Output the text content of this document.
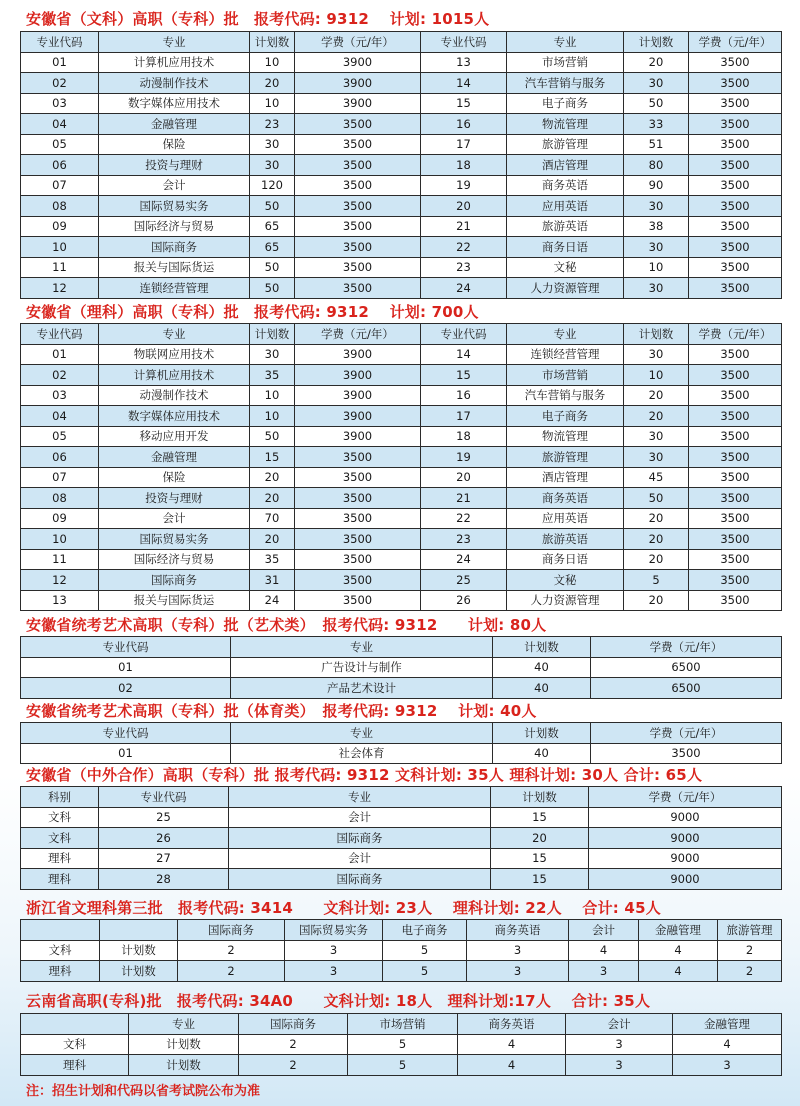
安徽省（文科）高职（专科）批　报考代码: 9312　 计划: 1015人
专业代码	专业	计划数	学费（元/年）	专业代码	专业	计划数	学费（元/年）
01	计算机应用技术	10	3900	13	市场营销	20	3500
02	动漫制作技术	20	3900	14	汽车营销与服务	30	3500
03	数字媒体应用技术	10	3900	15	电子商务	50	3500
04	金融管理	23	3500	16	物流管理	33	3500
05	保险	30	3500	17	旅游管理	51	3500
06	投资与理财	30	3500	18	酒店管理	80	3500
07	会计	120	3500	19	商务英语	90	3500
08	国际贸易实务	50	3500	20	应用英语	30	3500
09	国际经济与贸易	65	3500	21	旅游英语	38	3500
10	国际商务	65	3500	22	商务日语	30	3500
11	报关与国际货运	50	3500	23	文秘	10	3500
12	连锁经营管理	50	3500	24	人力资源管理	30	3500
安徽省（理科）高职（专科）批　报考代码: 9312　 计划: 700人
专业代码	专业	计划数	学费（元/年）	专业代码	专业	计划数	学费（元/年）
01	物联网应用技术	30	3900	14	连锁经营管理	30	3500
02	计算机应用技术	35	3900	15	市场营销	10	3500
03	动漫制作技术	10	3900	16	汽车营销与服务	20	3500
04	数字媒体应用技术	10	3900	17	电子商务	20	3500
05	移动应用开发	50	3900	18	物流管理	30	3500
06	金融管理	15	3500	19	旅游管理	30	3500
07	保险	20	3500	20	酒店管理	45	3500
08	投资与理财	20	3500	21	商务英语	50	3500
09	会计	70	3500	22	应用英语	20	3500
10	国际贸易实务	20	3500	23	旅游英语	20	3500
11	国际经济与贸易	35	3500	24	商务日语	20	3500
12	国际商务	31	3500	25	文秘	5	3500
13	报关与国际货运	24	3500	26	人力资源管理	20	3500
安徽省统考艺术高职（专科）批（艺术类）　报考代码: 9312　　计划: 80人
专业代码	专业	计划数	学费（元/年）
01	广告设计与制作	40	6500
02	产品艺术设计	40	6500
安徽省统考艺术高职（专科）批（体育类）　报考代码: 9312　 计划: 40人
专业代码	专业	计划数	学费（元/年）
01	社会体育	40	3500
安徽省（中外合作）高职（专科）批 报考代码: 9312 文科计划: 35人 理科计划: 30人 合计: 65人
科别	专业代码	专业	计划数	学费（元/年）
文科	25	会计	15	9000
文科	26	国际商务	20	9000
理科	27	会计	15	9000
理科	28	国际商务	15	9000
浙江省文理科第三批　报考代码: 3414　　文科计划: 23人　 理科计划: 22人　 合计: 45人
		国际商务	国际贸易实务	电子商务	商务英语	会计	金融管理	旅游管理
文科	计划数	2	3	5	3	4	4	2
理科	计划数	2	3	5	3	3	4	2
云南省高职(专科)批　报考代码: 34A0　　文科计划: 18人　理科计划:17人　 合计: 35人
	专业	国际商务	市场营销	商务英语	会计	金融管理
文科	计划数	2	5	4	3	4
理科	计划数	2	5	4	3	3
注：招生计划和代码以省考试院公布为准
